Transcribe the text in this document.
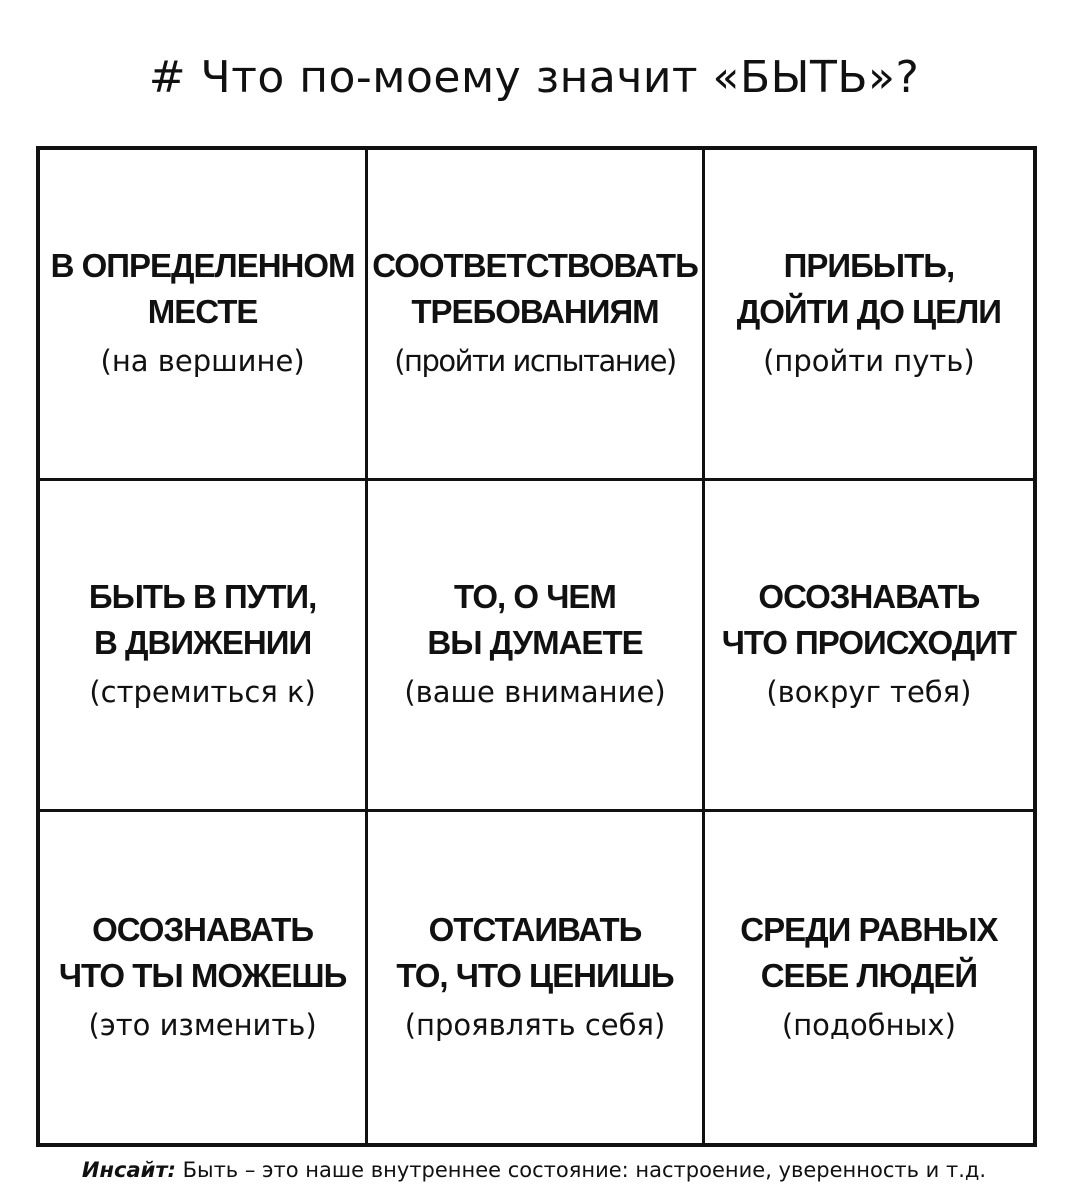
# Что по-моему значит «БЫТЬ»?
В ОПРЕДЕЛЕННОМ
МЕСТЕ
(на вершине)
СООТВЕТСТВОВАТЬ
ТРЕБОВАНИЯМ
(пройти испытание)
ПРИБЫТЬ,
ДОЙТИ ДО ЦЕЛИ
(пройти путь)
БЫТЬ В ПУТИ,
В ДВИЖЕНИИ
(стремиться к)
ТО, О ЧЕМ
ВЫ ДУМАЕТЕ
(ваше внимание)
ОСОЗНАВАТЬ
ЧТО ПРОИСХОДИТ
(вокруг тебя)
ОСОЗНАВАТЬ
ЧТО ТЫ МОЖЕШЬ
(это изменить)
ОТСТАИВАТЬ
ТО, ЧТО ЦЕНИШЬ
(проявлять себя)
СРЕДИ РАВНЫХ
СЕБЕ ЛЮДЕЙ
(подобных)
Инсайт: Быть – это наше внутреннее состояние: настроение, уверенность и т.д.
